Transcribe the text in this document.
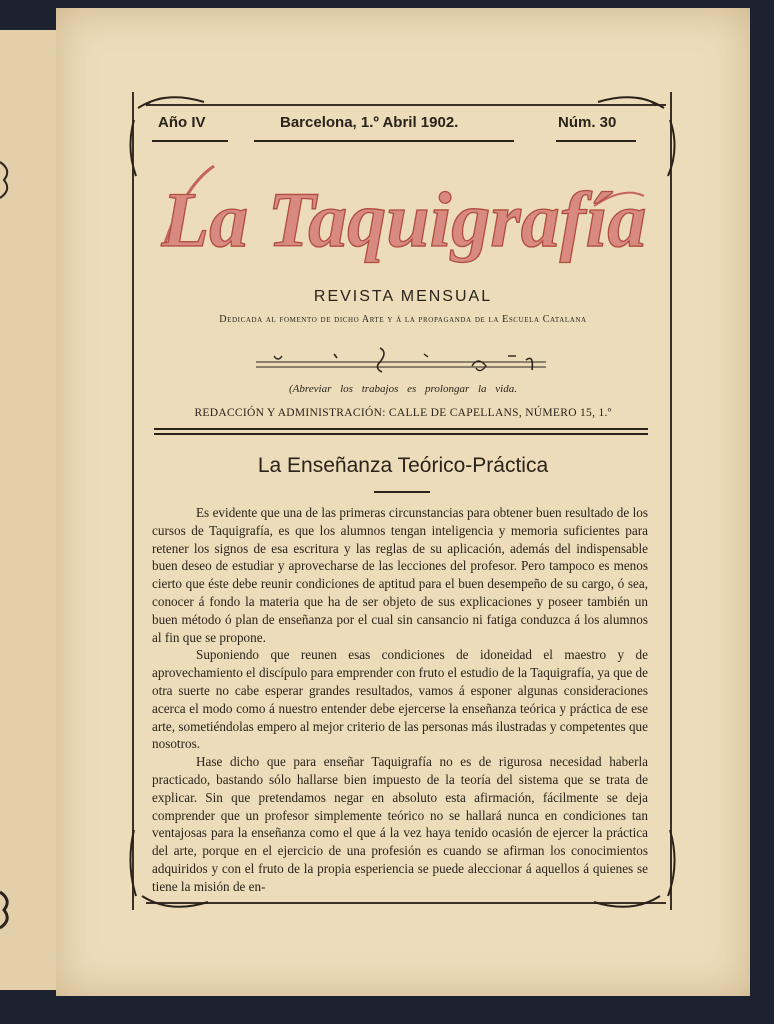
Año IV	Barcelona, 1.º Abril 1902.	Núm. 30
La Taquigrafía
REVISTA MENSUAL
Dedicada al fomento de dicho Arte y á la propaganda de la Escuela Catalana
(Abreviar los trabajos es prolongar la vida.
REDACCIÓN Y ADMINISTRACIÓN: CALLE DE CAPELLANS, NÚMERO 15, 1.º
La Enseñanza Teórico-Práctica

Es evidente que una de las primeras circunstancias para obtener buen resultado de los cursos de Taquigrafía, es que los alumnos tengan inteligencia y memoria suficientes para retener los signos de esa escritura y las reglas de su aplicación, además del indispensable buen deseo de estudiar y aprovecharse de las lecciones del profesor. Pero tampoco es menos cierto que éste debe reunir condiciones de aptitud para el buen desempeño de su cargo, ó sea, conocer á fondo la materia que ha de ser objeto de sus explicaciones y poseer también un buen método ó plan de enseñanza por el cual sin cansancio ni fatiga conduzca á los alumnos al fin que se propone.

Suponiendo que reunen esas condiciones de idoneidad el maestro y de aprovechamiento el discípulo para emprender con fruto el estudio de la Taquigrafía, ya que de otra suerte no cabe esperar grandes resultados, vamos á esponer algunas consideraciones acerca el modo como á nuestro entender debe ejercerse la enseñanza teórica y práctica de ese arte, sometiéndolas empero al mejor criterio de las personas más ilustradas y competentes que nosotros.

Hase dicho que para enseñar Taquigrafía no es de rigurosa necesidad haberla practicado, bastando sólo hallarse bien impuesto de la teoría del sistema que se trata de explicar. Sin que pretendamos negar en absoluto esta afirmación, fácilmente se deja comprender que un profesor simplemente teórico no se hallará nunca en condiciones tan ventajosas para la enseñanza como el que á la vez haya tenido ocasión de ejercer la práctica del arte, porque en el ejercicio de una profesión es cuando se afirman los conocimientos adquiridos y con el fruto de la propia esperiencia se puede aleccionar á aquellos á quienes se tiene la misión de en-
